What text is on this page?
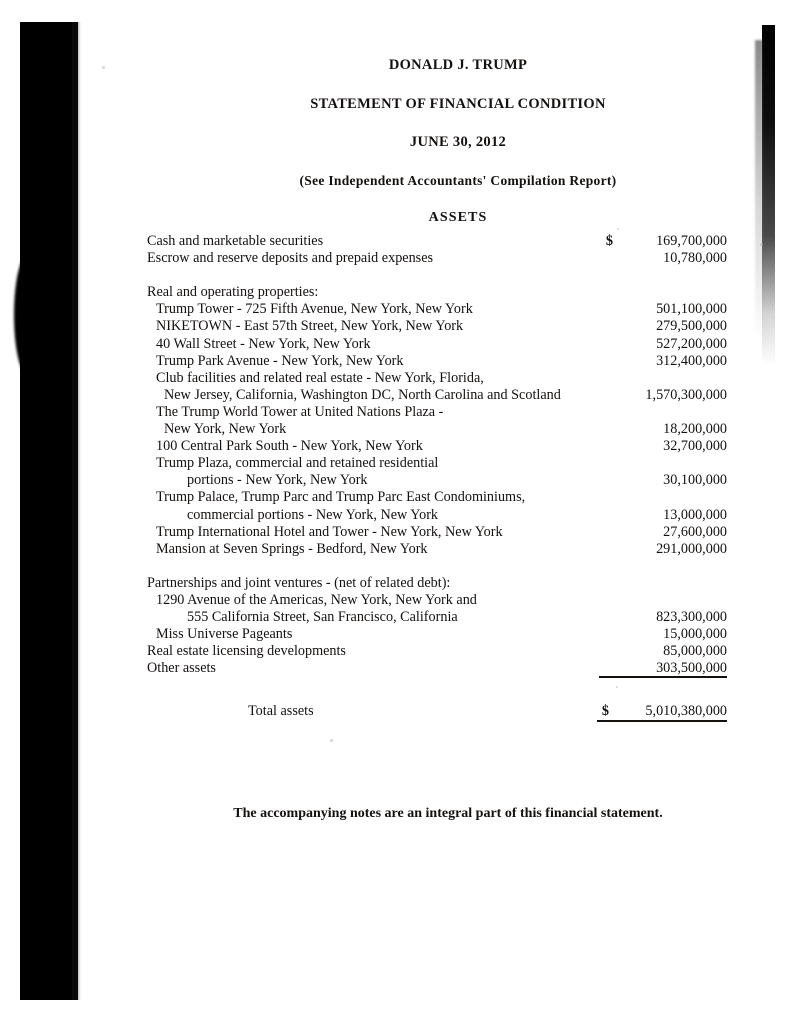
DONALD J. TRUMP
STATEMENT OF FINANCIAL CONDITION
JUNE 30, 2012
(See Independent Accountants' Compilation Report)
ASSETS
Cash and marketable securities	$	169,700,000
Escrow and reserve deposits and prepaid expenses	10,780,000
Real and operating properties:
Trump Tower - 725 Fifth Avenue, New York, New York	501,100,000
NIKETOWN - East 57th Street, New York, New York	279,500,000
40 Wall Street - New York, New York	527,200,000
Trump Park Avenue - New York, New York	312,400,000
Club facilities and related real estate - New York, Florida,
New Jersey, California, Washington DC, North Carolina and Scotland	1,570,300,000
The Trump World Tower at United Nations Plaza -
New York, New York	18,200,000
100 Central Park South - New York, New York	32,700,000
Trump Plaza, commercial and retained residential
portions - New York, New York	30,100,000
Trump Palace, Trump Parc and Trump Parc East Condominiums,
commercial portions - New York, New York	13,000,000
Trump International Hotel and Tower - New York, New York	27,600,000
Mansion at Seven Springs - Bedford, New York	291,000,000
Partnerships and joint ventures - (net of related debt):
1290 Avenue of the Americas, New York, New York and
555 California Street, San Francisco, California	823,300,000
Miss Universe Pageants	15,000,000
Real estate licensing developments	85,000,000
Other assets	303,500,000
Total assets	$	5,010,380,000
The accompanying notes are an integral part of this financial statement.
